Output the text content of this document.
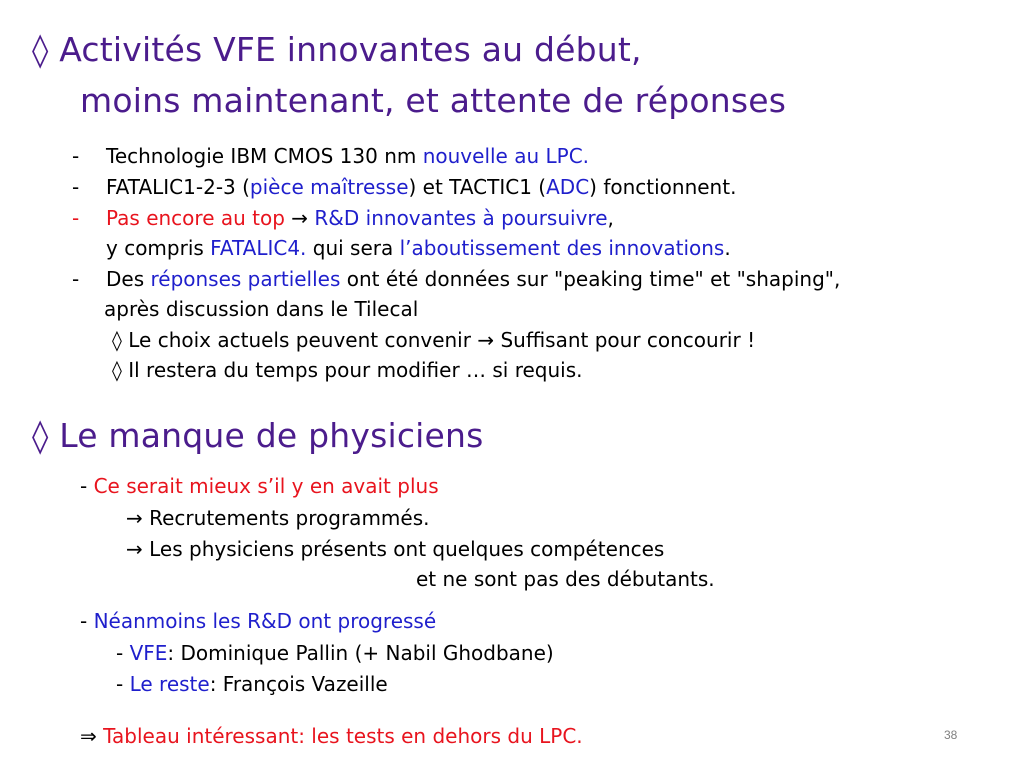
◊ Activités VFE innovantes au début,
moins maintenant, et attente de réponses
- Technologie IBM CMOS 130 nm nouvelle au LPC.
- FATALIC1-2-3 (pièce maîtresse) et TACTIC1 (ADC) fonctionnent.
- Pas encore au top → R&D innovantes à poursuivre,
y compris FATALIC4. qui sera l’aboutissement des innovations.
- Des réponses partielles ont été données sur "peaking time" et "shaping",
après discussion dans le Tilecal
◊ Le choix actuels peuvent convenir → Suffisant pour concourir !
◊ Il restera du temps pour modifier … si requis.
◊ Le manque de physiciens
- Ce serait mieux s’il y en avait plus
→ Recrutements programmés.
→ Les physiciens présents ont quelques compétences
et ne sont pas des débutants.
- Néanmoins les R&D ont progressé
- VFE: Dominique Pallin (+ Nabil Ghodbane)
- Le reste: François Vazeille
⇒ Tableau intéressant: les tests en dehors du LPC.	38
